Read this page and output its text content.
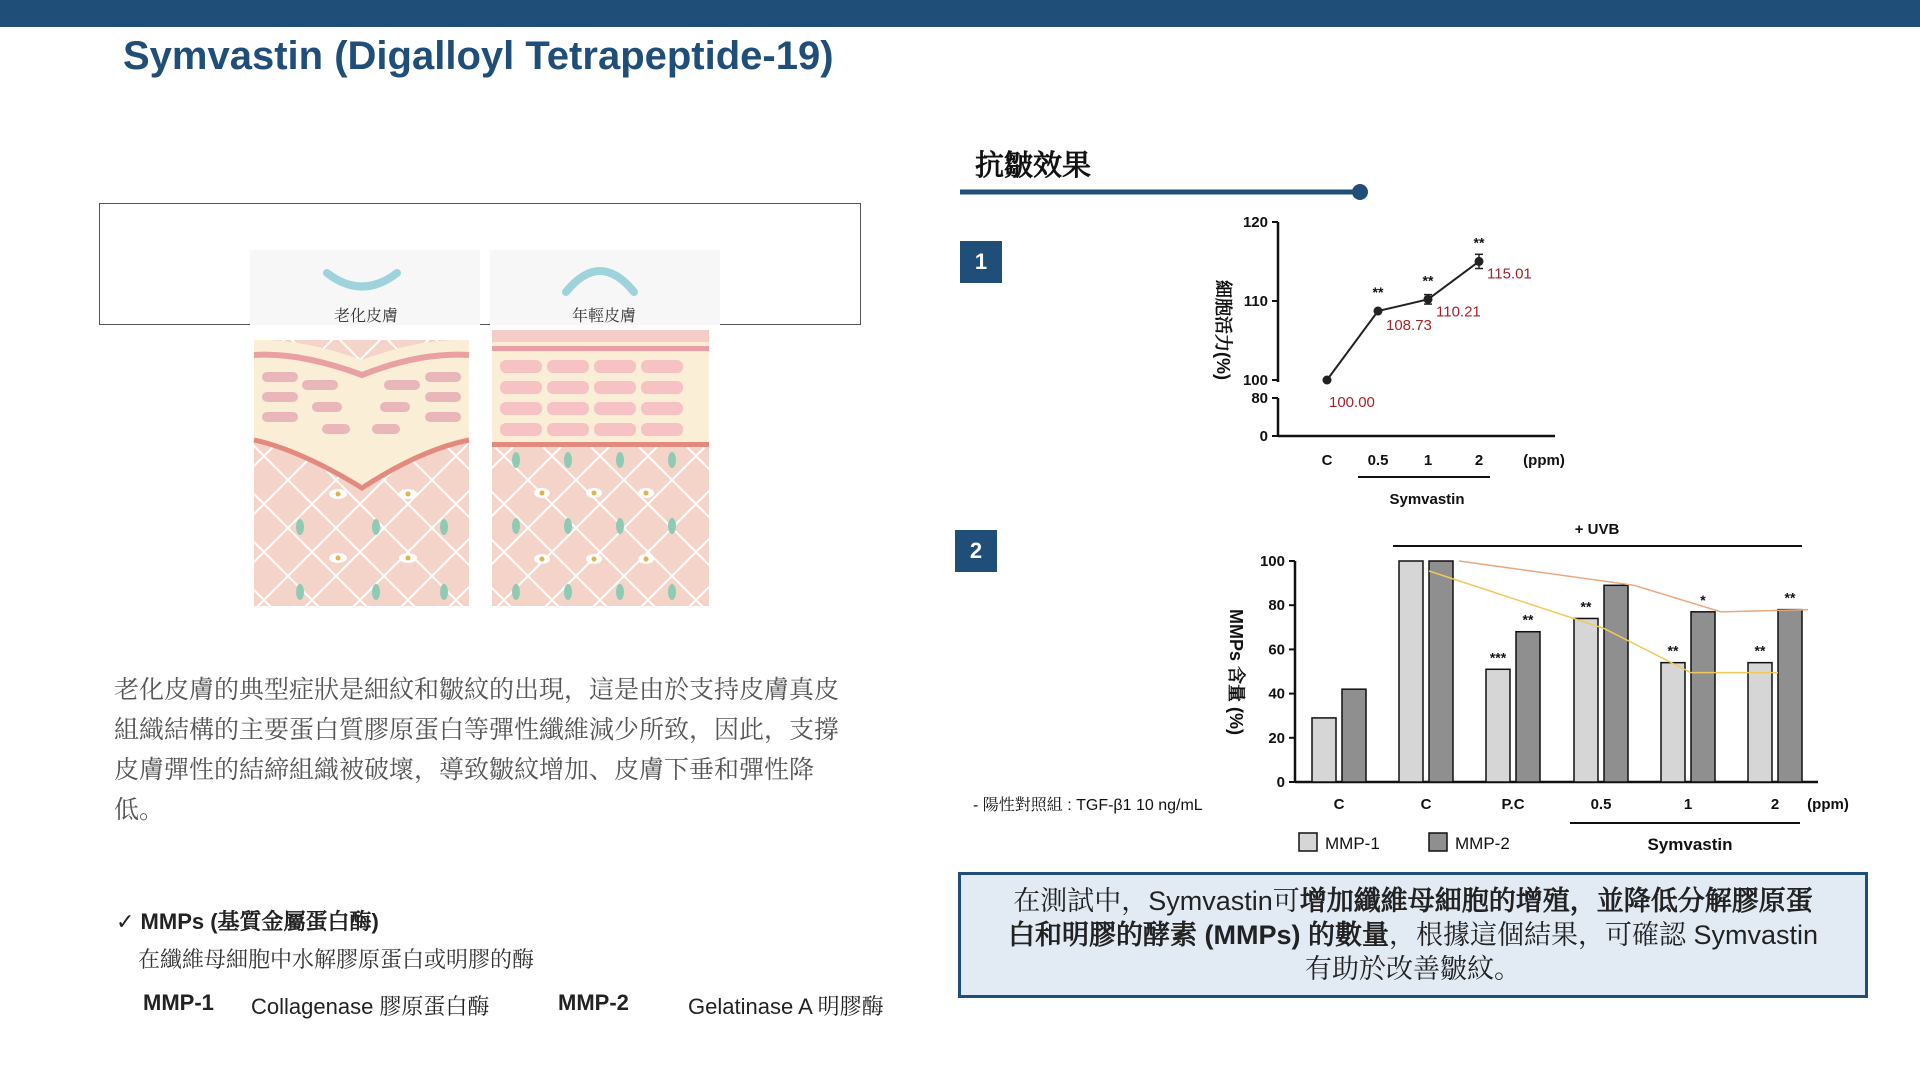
Symvastin (Digalloyl Tetrapeptide-19)
老化皮膚	年輕皮膚
老化皮膚的典型症狀是細紋和皺紋的出現，這是由於支持皮膚真皮組織結構的主要蛋白質膠原蛋白等彈性纖維減少所致，因此，支撐皮膚彈性的結締組織被破壞，導致皺紋增加、皮膚下垂和彈性降低。
✓ MMPs (基質金屬蛋白酶)
在纖維母細胞中水解膠原蛋白或明膠的酶
MMP-1 Collagenase 膠原蛋白酶	MMP-2	Gelatinase A 明膠酶
抗皺效果
1
2
細胞活力(%)
Symvastin
(ppm)
0
80
100
110
120
C 0.5 1	2
**
**
**
100.00
108.73
110.21
115.01
+ UVB
MMPs 含量 (%)
Symvastin
(ppm)
- 陽性對照組 : TGF-β1 10 ng/mL
MMP-1	MMP-2
0
20
40
60
80
100
C	C	P.C
***
**
0.5
**
1
**
*
2
**
**
在測試中，Symvastin可增加纖維母細胞的增殖，並降低分解膠原蛋白和明膠的酵素 (MMPs) 的數量，根據這個結果，可確認 Symvastin 有助於改善皺紋。
